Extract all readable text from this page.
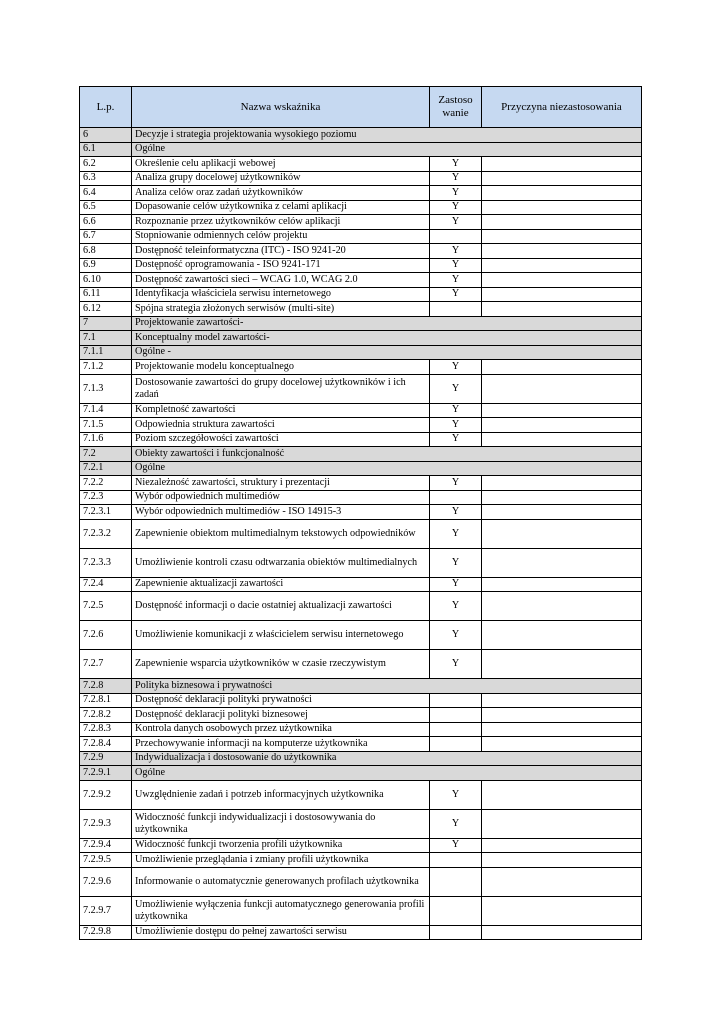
L.p.	Nazwa wskaźnika	Zastoso wanie	Przyczyna niezastosowania
6	Decyzje i strategia projektowania wysokiego poziomu		
6.1	Ogólne		
6.2	Określenie celu aplikacji webowej	Y	
6.3	Analiza grupy docelowej użytkowników	Y	
6.4	Analiza celów oraz zadań użytkowników	Y	
6.5	Dopasowanie celów użytkownika z celami aplikacji	Y	
6.6	Rozpoznanie przez użytkowników celów aplikacji	Y	
6.7	Stopniowanie odmiennych celów projektu		
6.8	Dostępność teleinformatyczna (ITC) - ISO 9241-20	Y	
6.9	Dostępność oprogramowania - ISO 9241-171	Y	
6.10	Dostępność zawartości sieci – WCAG 1.0, WCAG 2.0	Y	
6.11	Identyfikacja właściciela serwisu internetowego	Y	
6.12	Spójna strategia złożonych serwisów (multi-site)		
7	Projektowanie zawartości-		
7.1	Konceptualny model zawartości-		
7.1.1	Ogólne -		
7.1.2	Projektowanie modelu konceptualnego	Y	
7.1.3	Dostosowanie zawartości do grupy docelowej użytkowników i ich zadań	Y	
7.1.4	Kompletność zawartości	Y	
7.1.5	Odpowiednia struktura zawartości	Y	
7.1.6	Poziom szczegółowości zawartości	Y	
7.2	Obiekty zawartości i funkcjonalność		
7.2.1	Ogólne		
7.2.2	Niezależność zawartości, struktury i prezentacji	Y	
7.2.3	Wybór odpowiednich multimediów		
7.2.3.1	Wybór odpowiednich multimediów - ISO 14915-3	Y	
7.2.3.2	Zapewnienie obiektom multimedialnym tekstowych odpowiedników	Y	
7.2.3.3	Umożliwienie kontroli czasu odtwarzania obiektów multimedialnych	Y	
7.2.4	Zapewnienie aktualizacji zawartości	Y	
7.2.5	Dostępność informacji o dacie ostatniej aktualizacji zawartości	Y	
7.2.6	Umożliwienie komunikacji z właścicielem serwisu internetowego	Y	
7.2.7	Zapewnienie wsparcia użytkowników w czasie rzeczywistym	Y	
7.2.8	Polityka biznesowa i prywatności		
7.2.8.1	Dostępność deklaracji polityki prywatności		
7.2.8.2	Dostępność deklaracji polityki biznesowej		
7.2.8.3	Kontrola danych osobowych przez użytkownika		
7.2.8.4	Przechowywanie informacji na komputerze użytkownika		
7.2.9	Indywidualizacja i dostosowanie do użytkownika		
7.2.9.1	Ogólne		
7.2.9.2	Uwzględnienie zadań i potrzeb informacyjnych użytkownika	Y	
7.2.9.3	Widoczność funkcji indywidualizacji i dostosowywania do użytkownika	Y	
7.2.9.4	Widoczność funkcji tworzenia profili użytkownika	Y	
7.2.9.5	Umożliwienie przeglądania i zmiany profili użytkownika		
7.2.9.6	Informowanie o automatycznie generowanych profilach użytkownika		
7.2.9.7	Umożliwienie wyłączenia funkcji automatycznego generowania profili użytkownika		
7.2.9.8	Umożliwienie dostępu do pełnej zawartości serwisu		
